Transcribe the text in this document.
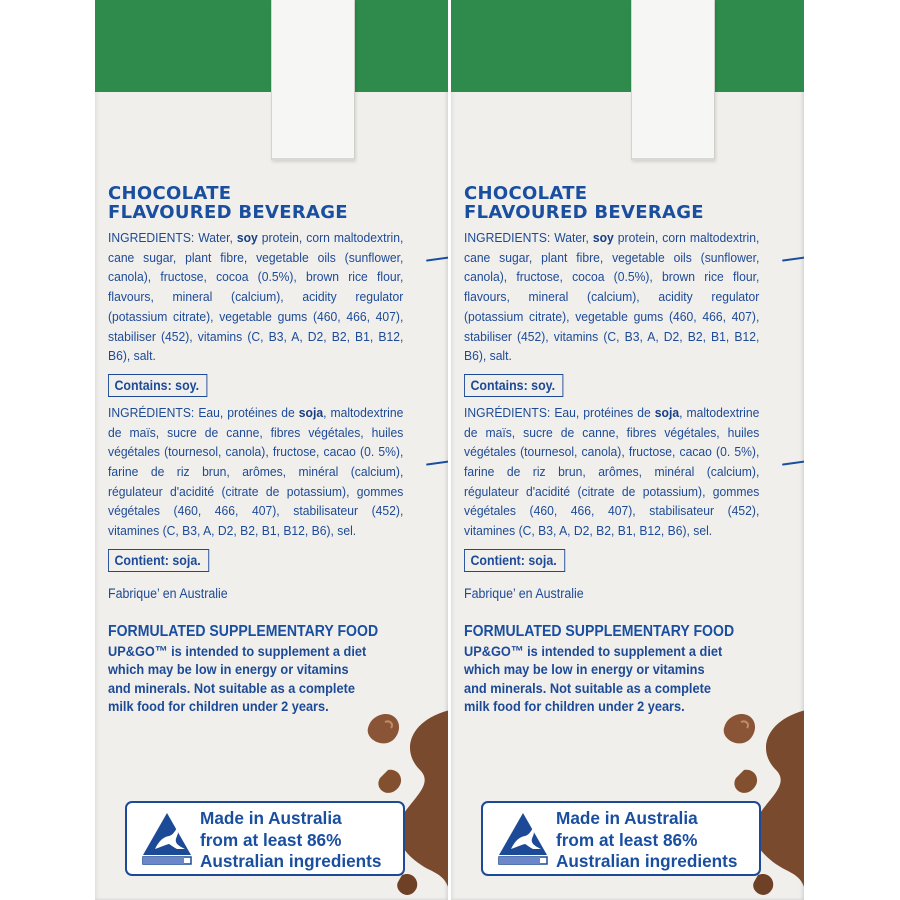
CHOCOLATE
FLAVOURED BEVERAGE

INGREDIENTS: Water, soy protein, corn maltodextrin, cane sugar, plant fibre, vegetable oils (sunflower, canola), fructose, cocoa (0.5%), brown rice flour, flavours, mineral (calcium), acidity regulator (potassium citrate), vegetable gums (460, 466, 407), stabiliser (452), vitamins (C, B3, A, D2, B2, B1, B12, B6), salt.

Contains: soy.

INGRÉDIENTS: Eau, protéines de soja, maltodextrine de maïs, sucre de canne, fibres végétales, huiles végétales (tournesol, canola), fructose, cacao (0. 5%), farine de riz brun, arômes, minéral (calcium), régulateur d'acidité (citrate de potassium), gommes végétales (460, 466, 407), stabilisateur (452), vitamines (C, B3, A, D2, B2, B1, B12, B6), sel.

Contient: soja.
Fabrique’ en Australie
FORMULATED SUPPLEMENTARY FOOD
UP&GO™ is intended to supplement a diet
which may be low in energy or vitamins
and minerals. Not suitable as a complete
milk food for children under 2 years.
Made in Australia
from at least 86%
Australian ingredients
CHOCOLATE
FLAVOURED BEVERAGE

INGREDIENTS: Water, soy protein, corn maltodextrin, cane sugar, plant fibre, vegetable oils (sunflower, canola), fructose, cocoa (0.5%), brown rice flour, flavours, mineral (calcium), acidity regulator (potassium citrate), vegetable gums (460, 466, 407), stabiliser (452), vitamins (C, B3, A, D2, B2, B1, B12, B6), salt.

Contains: soy.

INGRÉDIENTS: Eau, protéines de soja, maltodextrine de maïs, sucre de canne, fibres végétales, huiles végétales (tournesol, canola), fructose, cacao (0. 5%), farine de riz brun, arômes, minéral (calcium), régulateur d'acidité (citrate de potassium), gommes végétales (460, 466, 407), stabilisateur (452), vitamines (C, B3, A, D2, B2, B1, B12, B6), sel.

Contient: soja.
Fabrique’ en Australie
FORMULATED SUPPLEMENTARY FOOD
UP&GO™ is intended to supplement a diet
which may be low in energy or vitamins
and minerals. Not suitable as a complete
milk food for children under 2 years.
Made in Australia
from at least 86%
Australian ingredients
